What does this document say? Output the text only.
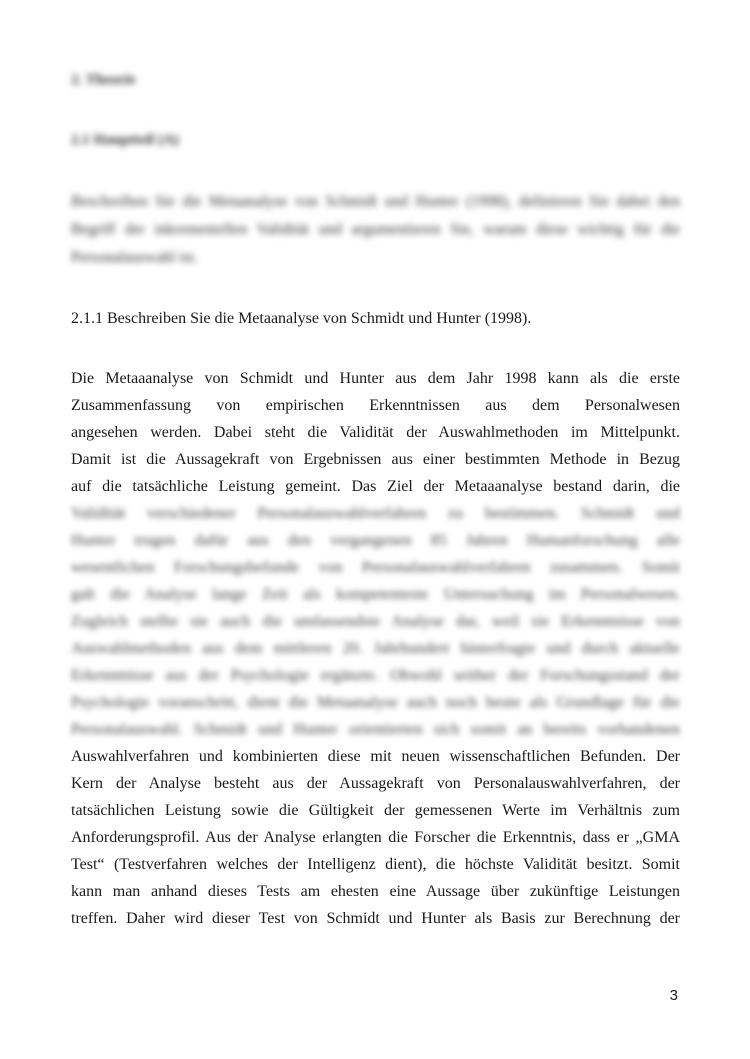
2. Theorie
2.1 Hauptteil (A)
Beschreiben Sie die Metaanalyse von Schmidt und Hunter (1998), definieren Sie dabei den Begriff der inkrementellen Validität und argumentieren Sie, warum diese wichtig für die Personalauswahl ist.
2.1.1 Beschreiben Sie die Metaanalyse von Schmidt und Hunter (1998).
Die Metaaanalyse von Schmidt und Hunter aus dem Jahr 1998 kann als die erste
Zusammenfassung von empirischen Erkenntnissen aus dem Personalwesen
angesehen werden. Dabei steht die Validität der Auswahlmethoden im Mittelpunkt.
Damit ist die Aussagekraft von Ergebnissen aus einer bestimmten Methode in Bezug
auf die tatsächliche Leistung gemeint. Das Ziel der Metaaanalyse bestand darin, die
Validität verschiedener Personalauswahlverfahren zu bestimmen. Schmidt und
Hunter trugen dafür aus den vergangenen 85 Jahren Humanforschung alle
wesentlichen Forschungsbefunde von Personalauswahlverfahren zusammen. Somit
galt die Analyse lange Zeit als kompetenteste Untersuchung im Personalwesen.
Zugleich stellte sie auch die umfassendste Analyse dar, weil sie Erkenntnisse von
Auswahlmethoden aus dem mittleren 20. Jahrhundert hinterfragte und durch aktuelle
Erkenntnisse aus der Psychologie ergänzte. Obwohl seither der Forschungsstand der
Psychologie voranschritt, dient die Metaanalyse auch noch heute als Grundlage für die
Personalauswahl. Schmidt und Hunter orientierten sich somit an bereits vorhandenen
Auswahlverfahren und kombinierten diese mit neuen wissenschaftlichen Befunden. Der
Kern der Analyse besteht aus der Aussagekraft von Personalauswahlverfahren, der
tatsächlichen Leistung sowie die Gültigkeit der gemessenen Werte im Verhältnis zum
Anforderungsprofil. Aus der Analyse erlangten die Forscher die Erkenntnis, dass er „GMA
Test“ (Testverfahren welches der Intelligenz dient), die höchste Validität besitzt. Somit
kann man anhand dieses Tests am ehesten eine Aussage über zukünftige Leistungen
treffen. Daher wird dieser Test von Schmidt und Hunter als Basis zur Berechnung der
3
